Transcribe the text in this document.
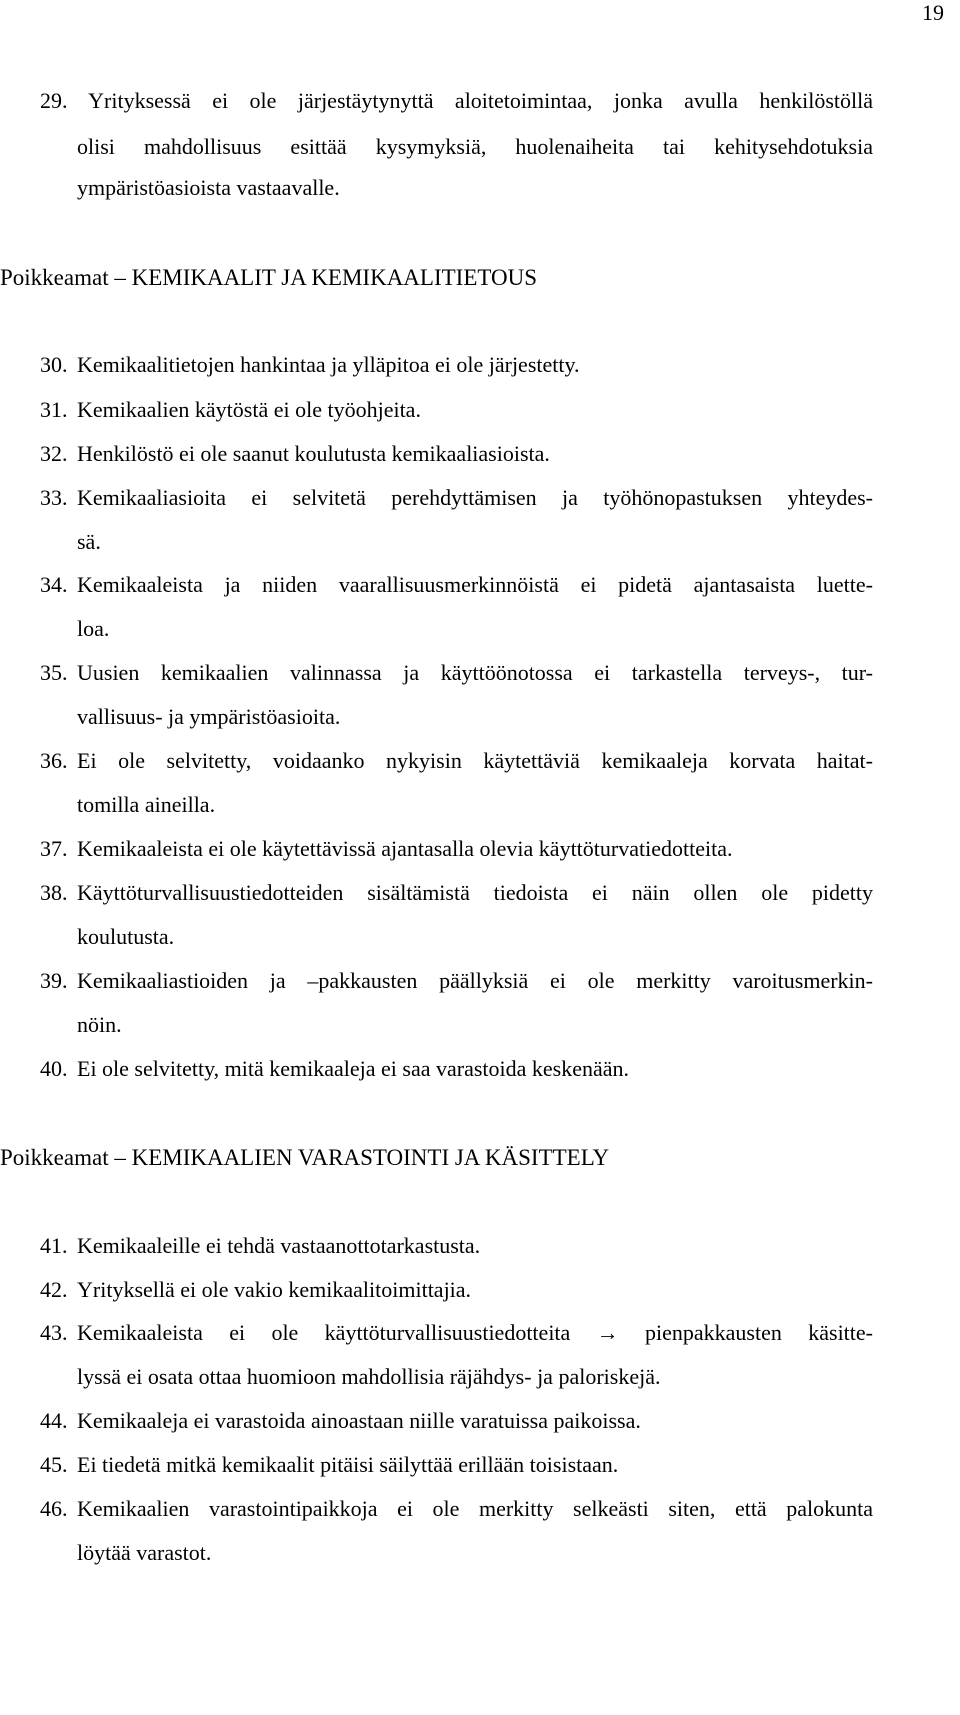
19
29. Yrityksessä ei ole järjestäytynyttä aloitetoimintaa, jonka avulla henkilöstöllä
olisi mahdollisuus esittää kysymyksiä, huolenaiheita tai kehitysehdotuksia
ympäristöasioista vastaavalle.
Poikkeamat – KEMIKAALIT JA KEMIKAALITIETOUS
30. Kemikaalitietojen hankintaa ja ylläpitoa ei ole järjestetty.
31. Kemikaalien käytöstä ei ole työohjeita.
32. Henkilöstö ei ole saanut koulutusta kemikaaliasioista.
33. Kemikaaliasioita ei selvitetä perehdyttämisen ja työhönopastuksen yhteydes-
sä.
34. Kemikaaleista ja niiden vaarallisuusmerkinnöistä ei pidetä ajantasaista luette-
loa.
35. Uusien kemikaalien valinnassa ja käyttöönotossa ei tarkastella terveys-, tur-
vallisuus- ja ympäristöasioita.
36. Ei ole selvitetty, voidaanko nykyisin käytettäviä kemikaaleja korvata haitat-
tomilla aineilla.
37. Kemikaaleista ei ole käytettävissä ajantasalla olevia käyttöturvatiedotteita.
38. Käyttöturvallisuustiedotteiden sisältämistä tiedoista ei näin ollen ole pidetty
koulutusta.
39. Kemikaaliastioiden ja –pakkausten päällyksiä ei ole merkitty varoitusmerkin-
nöin.
40. Ei ole selvitetty, mitä kemikaaleja ei saa varastoida keskenään.
Poikkeamat – KEMIKAALIEN VARASTOINTI JA KÄSITTELY
41. Kemikaaleille ei tehdä vastaanottotarkastusta.
42. Yrityksellä ei ole vakio kemikaalitoimittajia.
43. Kemikaaleista ei ole käyttöturvallisuustiedotteita → pienpakkausten käsitte-
lyssä ei osata ottaa huomioon mahdollisia räjähdys- ja paloriskejä.
44. Kemikaaleja ei varastoida ainoastaan niille varatuissa paikoissa.
45. Ei tiedetä mitkä kemikaalit pitäisi säilyttää erillään toisistaan.
46. Kemikaalien varastointipaikkoja ei ole merkitty selkeästi siten, että palokunta
löytää varastot.
